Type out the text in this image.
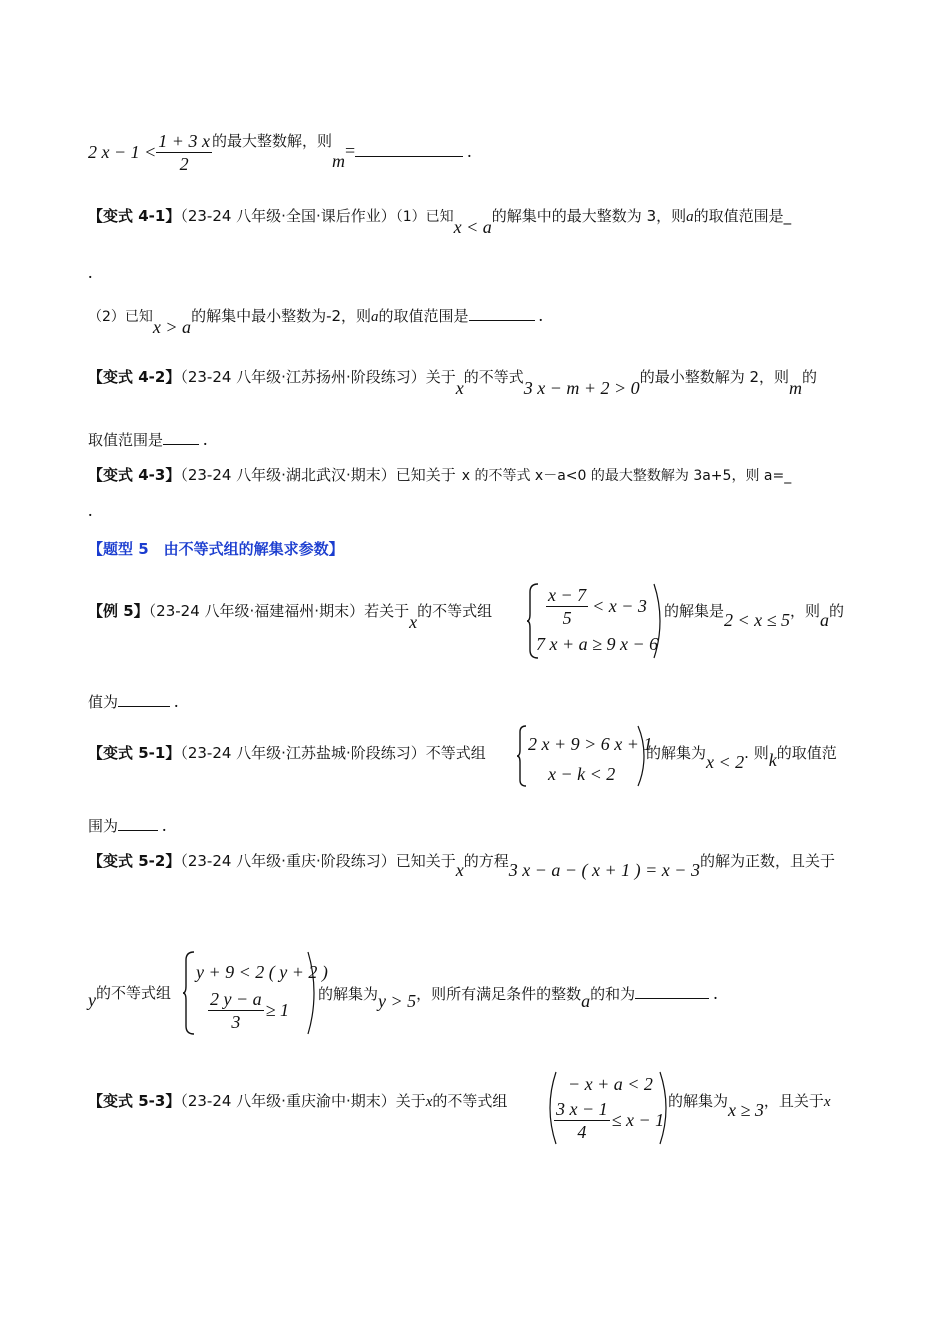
2 $x - 1 < \frac{1 + 3 x}{2}$ 的最大整数解，则m=	.
【变式 4-1】（23-24 八年级·全国·课后作业）（1）已知x < a的解集中的最大整数为 3，则a的取值范围是_
.
（2）已知x > a的解集中最小整数为-2，则a的取值范围是	.
【变式 4-2】（23-24 八年级·江苏扬州·阶段练习）关于x的不等式3 x − m + 2 > 0的最小整数解为 2，则m的
取值范围是 .
【变式 4-3】（23-24 八年级·湖北武汉·期末）已知关于 x 的不等式 x－a<0 的最大整数解为 3a+5，则 a=_
.
【题型 5　由不等式组的解集求参数】
【例 5】（23-24 八年级·福建福州·期末）若关于x的不等式组	$\frac{x - 7}{5} < x - 3$
7 x + a ≥ 9 x − 6
的解集是2 < x ≤ 5，则a的
值为	.
【变式 5-1】（23-24 八年级·江苏盐城·阶段练习）不等式组 2 x + 9 > 6 x + 1
x − k < 2
的解集为x < 2. 则k的取值范
围为 .
【变式 5-2】（23-24 八年级·重庆·阶段练习）已知关于x的方程3 x − a − ( x + 1 ) = x − 3的解为正数，且关于
y的不等式组
y + 9 < 2 ( y + 2 )
$\frac{2 y - a}{3} \ge 1$
的解集为y > 5，则所有满足条件的整数a的和为	.
【变式 5-3】（23-24 八年级·重庆渝中·期末）关于x的不等式组
− x + a < 2
$\frac{3 x - 1}{4} \le x - 1$
的解集为x ≥ 3，且关于x
